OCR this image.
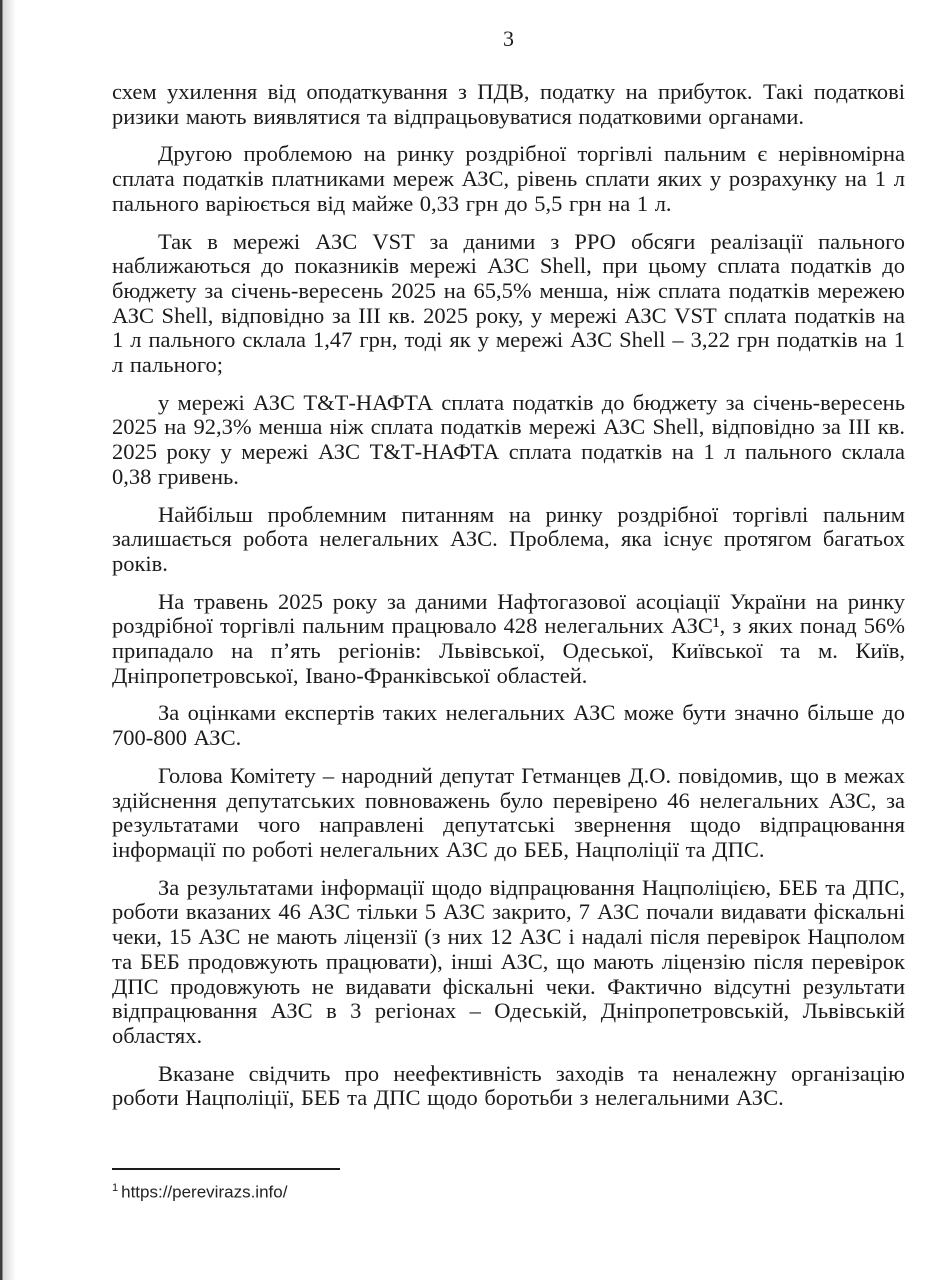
3

схем ухилення від оподаткування з ПДВ, податку на прибуток. Такі податкові ризики мають виявлятися та відпрацьовуватися податковими органами.

Другою проблемою на ринку роздрібної торгівлі пальним є нерівномірна сплата податків платниками мереж АЗС, рівень сплати яких у розрахунку на 1 л пального варіюється від майже 0,33 грн до 5,5 грн на 1 л.

Так в мережі АЗС VST за даними з РРО обсяги реалізації пального наближаються до показників мережі АЗС Shell, при цьому сплата податків до бюджету за січень-вересень 2025 на 65,5% менша, ніж сплата податків мережею АЗС Shell, відповідно за III кв. 2025 року, у мережі АЗС VST сплата податків на 1 л пального склала 1,47 грн, тоді як у мережі АЗС Shell – 3,22 грн податків на 1 л пального;

у мережі АЗС Т&Т-НАФТА сплата податків до бюджету за січень-вересень 2025 на 92,3% менша ніж сплата податків мережі АЗС Shell, відповідно за III кв. 2025 року у мережі АЗС Т&Т-НАФТА сплата податків на 1 л пального склала 0,38 гривень.

Найбільш проблемним питанням на ринку роздрібної торгівлі пальним залишається робота нелегальних АЗС. Проблема, яка існує протягом багатьох років.

На травень 2025 року за даними Нафтогазової асоціації України на ринку роздрібної торгівлі пальним працювало 428 нелегальних АЗС¹, з яких понад 56% припадало на п’ять регіонів: Львівської, Одеської, Київської та м. Київ, Дніпропетровської, Івано-Франківської областей.

За оцінками експертів таких нелегальних АЗС може бути значно більше до 700-800 АЗС.

Голова Комітету – народний депутат Гетманцев Д.О. повідомив, що в межах здійснення депутатських повноважень було перевірено 46 нелегальних АЗС, за результатами чого направлені депутатські звернення щодо відпрацювання інформації по роботі нелегальних АЗС до БЕБ, Нацполіції та ДПС.

За результатами інформації щодо відпрацювання Нацполіцією, БЕБ та ДПС, роботи вказаних 46 АЗС тільки 5 АЗС закрито, 7 АЗС почали видавати фіскальні чеки, 15 АЗС не мають ліцензії (з них 12 АЗС і надалі після перевірок Нацполом та БЕБ продовжують працювати), інші АЗС, що мають ліцензію після перевірок ДПС продовжують не видавати фіскальні чеки. Фактично відсутні результати відпрацювання АЗС в 3 регіонах – Одеській, Дніпропетровській, Львівській областях.

Вказане свідчить про неефективність заходів та неналежну організацію роботи Нацполіції, БЕБ та ДПС щодо боротьби з нелегальними АЗС.

$^1$ https://perevirazs.info/
